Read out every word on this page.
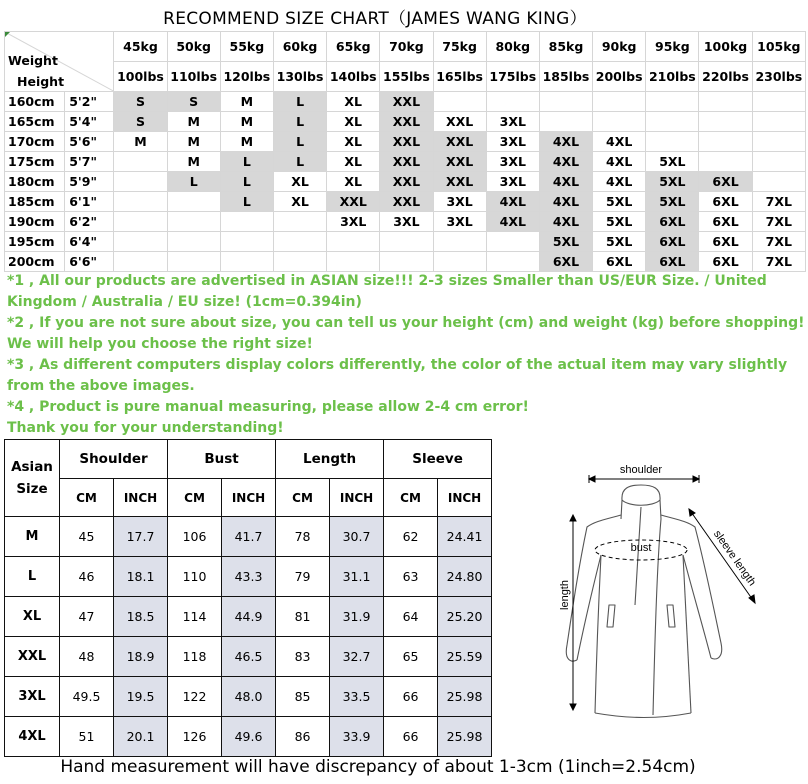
RECOMMEND SIZE CHART（JAMES WANG KING）
Weight
Height		45kg	50kg	55kg	60kg	65kg	70kg	75kg	80kg	85kg	90kg	95kg	100kg	105kg
		100lbs	110lbs	120lbs	130lbs	140lbs	155lbs	165lbs	175lbs	185lbs	200lbs	210lbs	220lbs	230lbs
160cm	5'2"	S	S	M	L	XL	XXL							
165cm	5'4"	S	M	M	L	XL	XXL	XXL	3XL					
170cm	5'6"	M	M	M	L	XL	XXL	XXL	3XL	4XL	4XL			
175cm	5'7"		M	L	L	XL	XXL	XXL	3XL	4XL	4XL	5XL		
180cm	5'9"		L	L	XL	XL	XXL	XXL	3XL	4XL	4XL	5XL	6XL	
185cm	6'1"			L	XL	XXL	XXL	3XL	4XL	4XL	5XL	5XL	6XL	7XL
190cm	6'2"					3XL	3XL	3XL	4XL	4XL	5XL	6XL	6XL	7XL
195cm	6'4"									5XL	5XL	6XL	6XL	7XL
200cm	6'6"									6XL	6XL	6XL	6XL	7XL

*1 , All our products are advertised in ASIAN size!!! 2-3 sizes Smaller than US/EUR Size. / United Kingdom / Australia / EU size! (1cm=0.394in)

*2 , If you are not sure about size, you can tell us your height (cm) and weight (kg) before shopping! We will help you choose the right size!

*3 , As different computers display colors differently, the color of the actual item may vary slightly from the above images.

*4 , Product is pure manual measuring, please allow 2-4 cm error!

Thank you for your understanding!

Asian
Size	Shoulder		Bust		Length		Sleeve	
	CM	INCH	CM	INCH	CM	INCH	CM	INCH
M	45	17.7	106	41.7	78	30.7	62	24.41
L	46	18.1	110	43.3	79	31.1	63	24.80
XL	47	18.5	114	44.9	81	31.9	64	25.20
XXL	48	18.9	118	46.5	83	32.7	65	25.59
3XL	49.5	19.5	122	48.0	85	33.5	66	25.98
4XL	51	20.1	126	49.6	86	33.9	66	25.98
shoulder
bust
length
sleeve length
Hand measurement will have discrepancy of about 1-3cm (1inch=2.54cm)
